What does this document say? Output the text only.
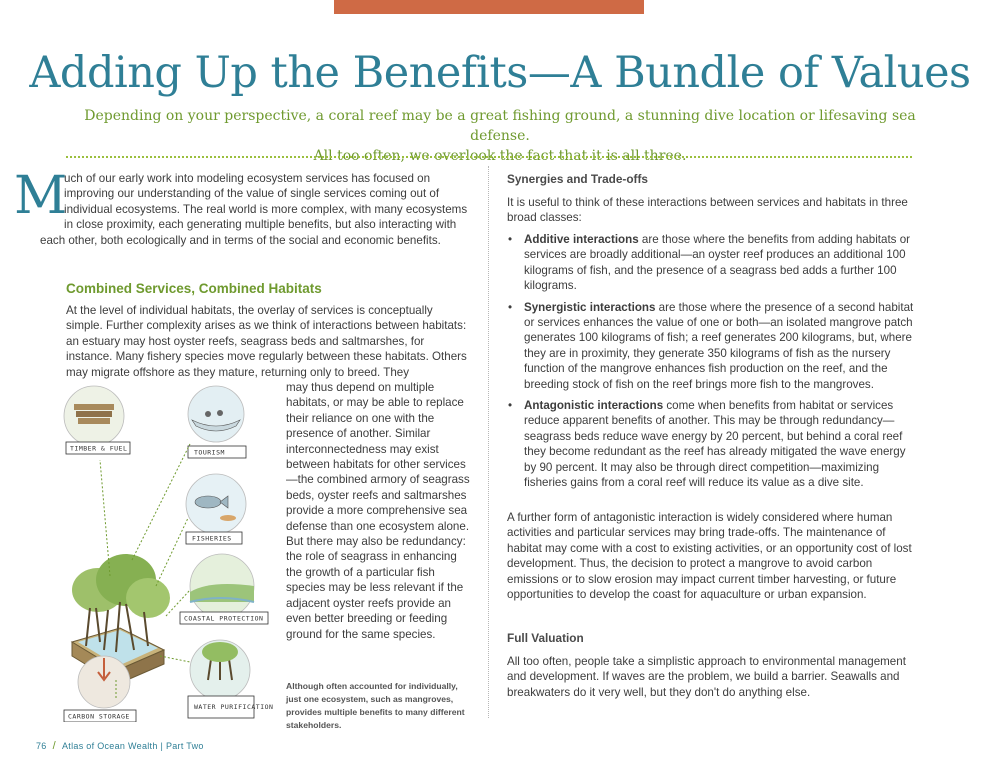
Adding Up the Benefits—A Bundle of Values
Depending on your perspective, a coral reef may be a great fishing ground, a stunning dive location or lifesaving sea defense.
All too often, we overlook the fact that it is all three.
M
uch of our early work into modeling ecosystem services has focused on improving our understanding of the value of single services coming out of individual ecosystems. The real world is more complex, with many ecosystems in close proximity, each generating multiple benefits, but also interacting with each other, both ecologically and in terms of the social and economic benefits.
Combined Services, Combined Habitats

At the level of individual habitats, the overlay of services is conceptually simple. Further complexity arises as we think of interactions between habitats: an estuary may host oyster reefs, seagrass beds and saltmarshes, for instance. Many fishery species move regularly between these habitats. Others may migrate offshore as they mature, returning only to breed. They

may thus depend on multiple habitats, or may be able to replace their reliance on one with the presence of another. Similar interconnectedness may exist between habitats for other services—the combined armory of seagrass beds, oyster reefs and saltmarshes provide a more comprehensive sea defense than one ecosystem alone. But there may also be redundancy: the role of seagrass in enhancing the growth of a particular fish species may be less relevant if the adjacent oyster reefs provide an even better breeding or feeding ground for the same species.

TIMBER & FUEL	TOURISM
FISHERIES
COASTAL PROTECTION
WATER PURIFICATION
CARBON STORAGE
Although often accounted for individually, just one ecosystem, such as mangroves, provides multiple benefits to many different stakeholders.
Synergies and Trade-offs

It is useful to think of these interactions between services and habitats in three broad classes:

• Additive interactions are those where the benefits from adding habitats or services are broadly additional—an oyster reef produces an additional 100 kilograms of fish, and the presence of a seagrass bed adds a further 100 kilograms.
• Synergistic interactions are those where the presence of a second habitat or services enhances the value of one or both—an isolated mangrove patch generates 100 kilograms of fish; a reef generates 200 kilograms, but, where they are in proximity, they generate 350 kilograms of fish as the nursery function of the mangrove enhances fish production on the reef, and the breeding stock of fish on the reef brings more fish to the mangroves.
• Antagonistic interactions come when benefits from habitat or services reduce apparent benefits of another. This may be through redundancy—seagrass beds reduce wave energy by 20 percent, but behind a coral reef they become redundant as the reef has already mitigated the wave energy by 90 percent. It may also be through direct competition—maximizing fisheries gains from a coral reef will reduce its value as a dive site.

A further form of antagonistic interaction is widely considered where human activities and particular services may bring trade-offs. The maintenance of habitat may come with a cost to existing activities, or an opportunity cost of lost development. Thus, the decision to protect a mangrove to avoid carbon emissions or to slow erosion may impact current timber harvesting, or future opportunities to develop the coast for aquaculture or urban expansion.

Full Valuation

All too often, people take a simplistic approach to environmental management and development. If waves are the problem, we build a barrier. Seawalls and breakwaters do it very well, but they don't do anything else.

76 / Atlas of Ocean Wealth | Part Two
